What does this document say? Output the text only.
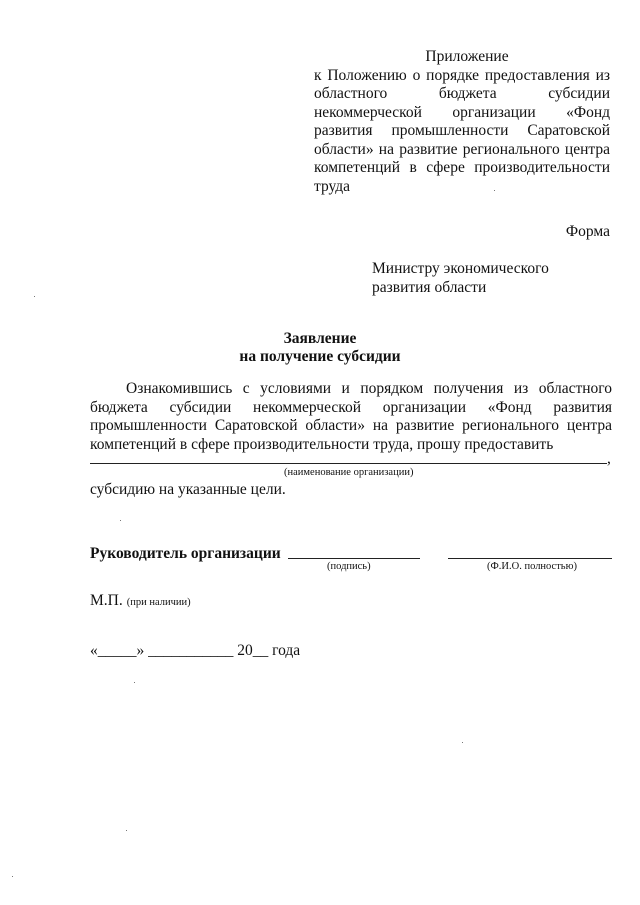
Приложение
к Положению о порядке предоставления из областного бюджета субсидии некоммерческой организации «Фонд развития промышленности Саратовской области» на развитие регионального центра компетенций в сфере производительности труда
Форма
Министру экономического
развития области
Заявление
на получение субсидии
Ознакомившись с условиями и порядком получения из областного бюджета субсидии некоммерческой организации «Фонд развития промышленности Саратовской области» на развитие регионального центра компетенций в сфере производительности труда, прошу предоставить
,
(наименование организации)
субсидию на указанные цели.
Руководитель организации
(подпись)	(Ф.И.О. полностью)
М.П. (при наличии)
«_____» ___________ 20__ года
